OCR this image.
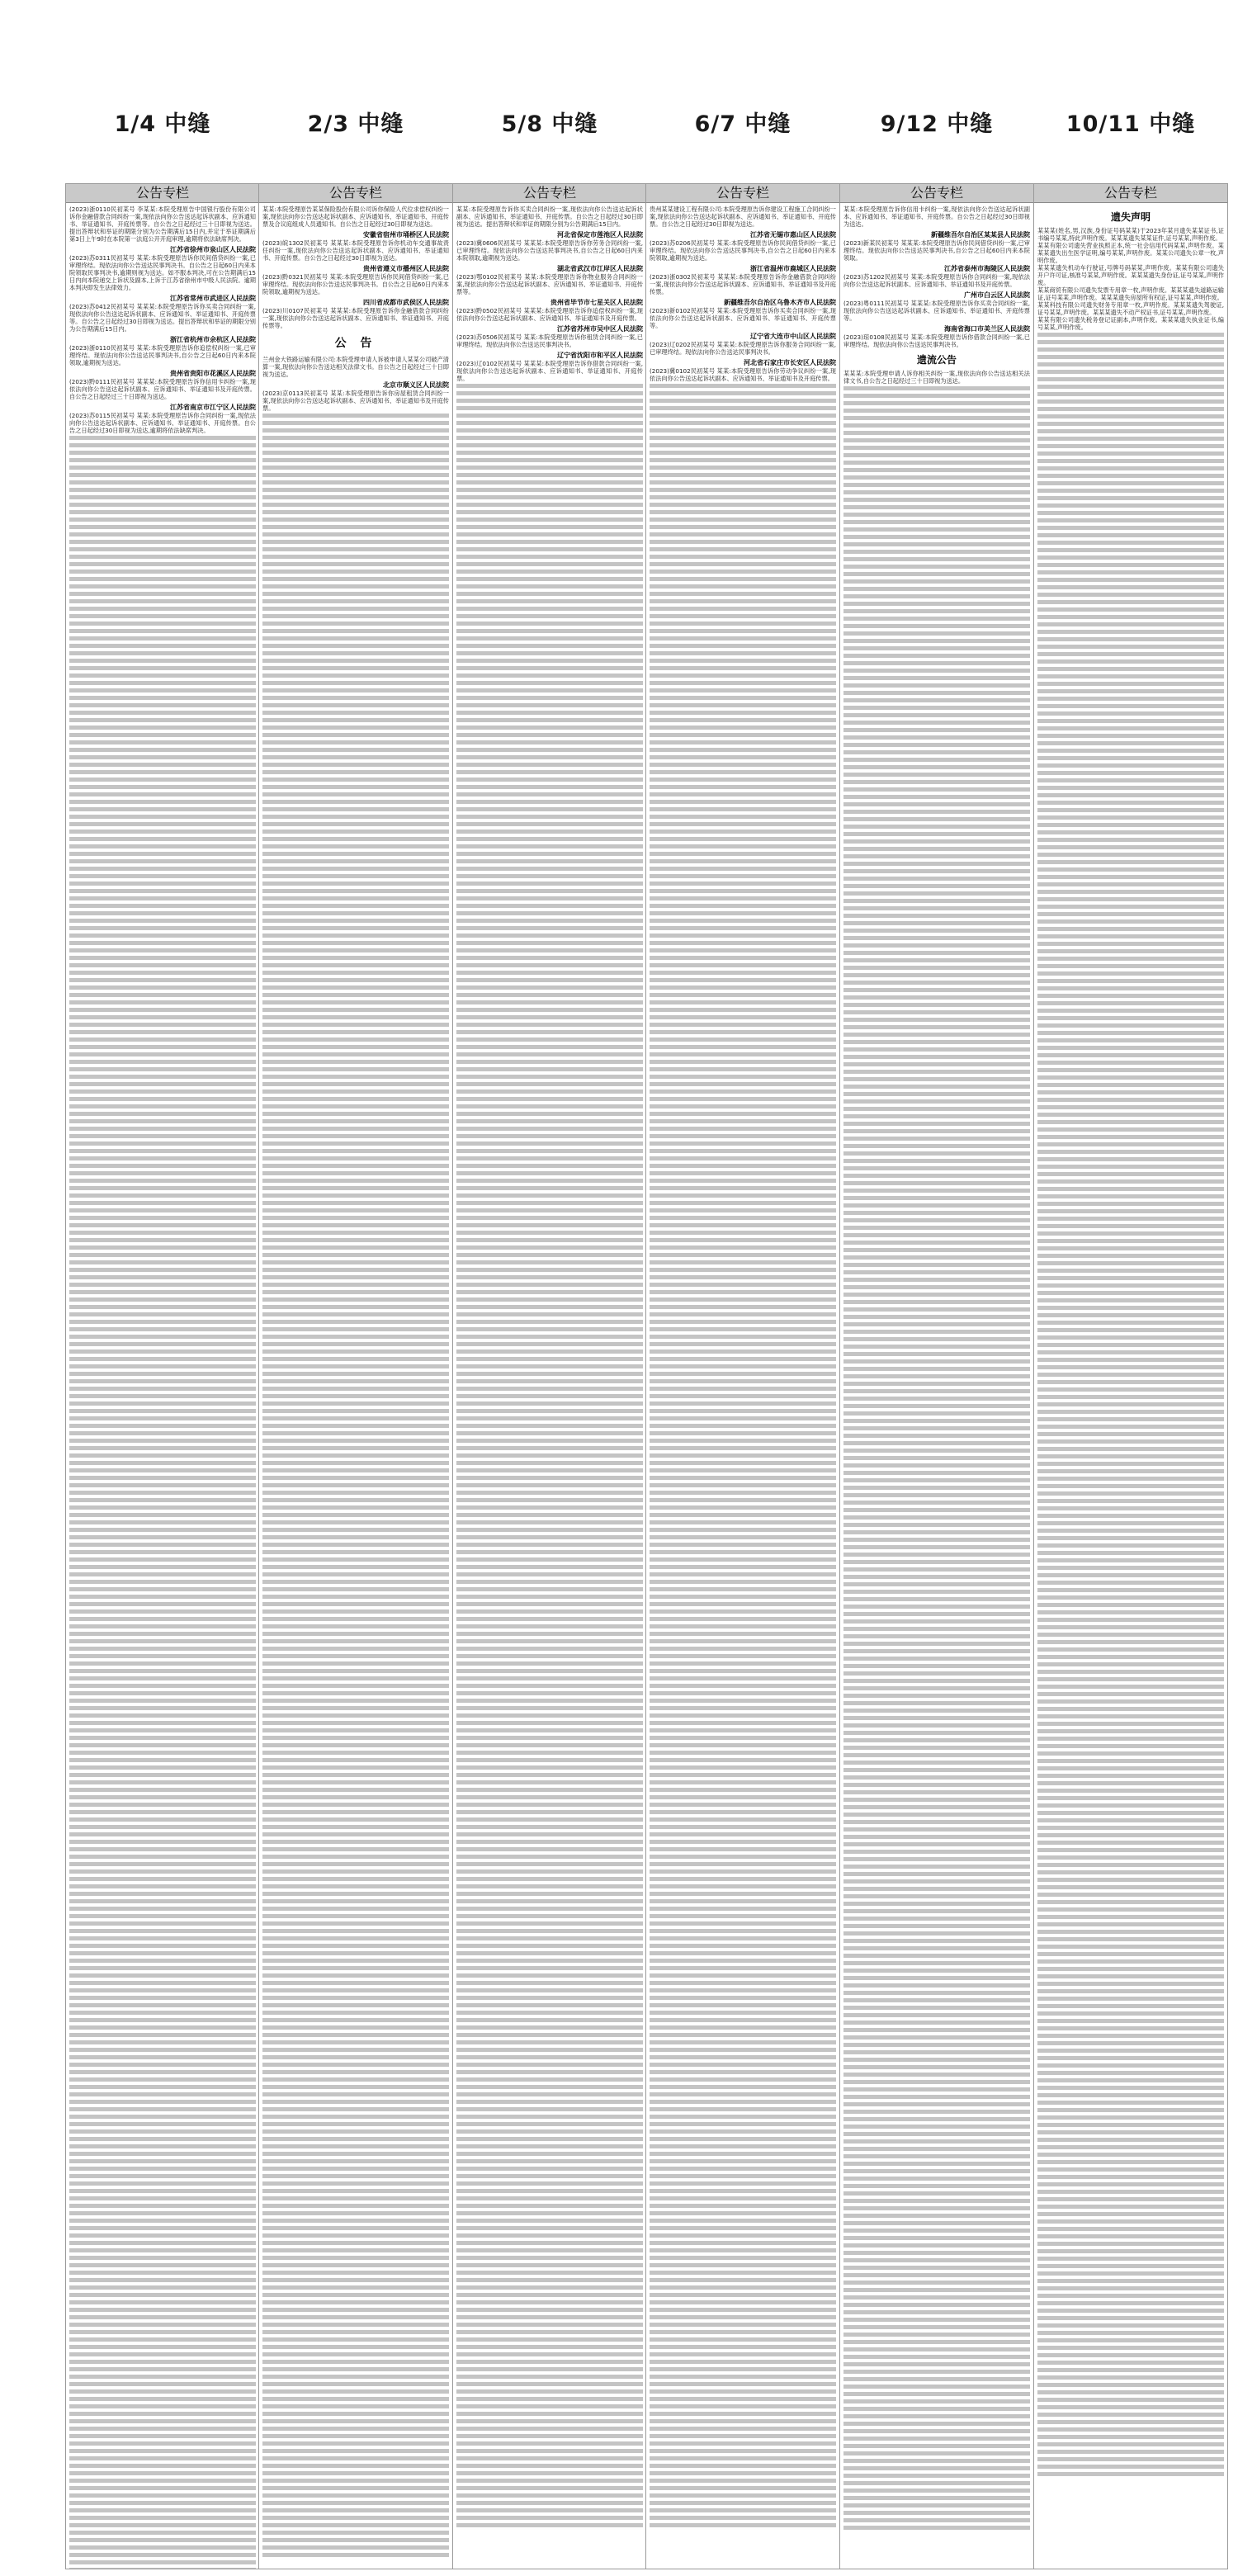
1/4 中缝
公告专栏
(2023)浙0110民初某号 李某某:本院受理原告中国银行股份有限公司诉你金融借款合同纠纷一案,现依法向你公告送达起诉状副本、应诉通知书、举证通知书、开庭传票等。自公告之日起经过三十日即视为送达。提出答辩状和举证的期限分别为公告期满后15日内,并定于举证期满后第3日上午9时在本院第一法庭公开开庭审理,逾期将依法缺席判决。
江苏省徐州市泉山区人民法院
(2023)苏0311民初某号 某某:本院受理原告诉你民间借贷纠纷一案,已审理终结。现依法向你公告送达民事判决书。自公告之日起60日内来本院领取民事判决书,逾期则视为送达。如不服本判决,可在公告期满后15日内向本院递交上诉状及副本,上诉于江苏省徐州市中级人民法院。逾期本判决即发生法律效力。
江苏省常州市武进区人民法院
(2023)苏0412民初某号 某某某:本院受理原告诉你买卖合同纠纷一案,现依法向你公告送达起诉状副本、应诉通知书、举证通知书、开庭传票等。自公告之日起经过30日即视为送达。提出答辩状和举证的期限分别为公告期满后15日内。
浙江省杭州市余杭区人民法院
(2023)浙0110民初某号 某某:本院受理原告诉你追偿权纠纷一案,已审理终结。现依法向你公告送达民事判决书,自公告之日起60日内来本院领取,逾期视为送达。
贵州省贵阳市花溪区人民法院
(2023)黔0111民初某号 某某某:本院受理原告诉你信用卡纠纷一案,现依法向你公告送达起诉状副本、应诉通知书、举证通知书及开庭传票。自公告之日起经过三十日即视为送达。
江苏省南京市江宁区人民法院
(2023)苏0115民初某号 某某:本院受理原告诉你合同纠纷一案,现依法向你公告送达起诉状副本、应诉通知书、举证通知书、开庭传票。自公告之日起经过30日即视为送达,逾期将依法缺席判决。
2/3 中缝
公告专栏
某某:本院受理原告某某保险股份有限公司诉你保险人代位求偿权纠纷一案,现依法向你公告送达起诉状副本、应诉通知书、举证通知书、开庭传票及合议庭组成人员通知书。自公告之日起经过30日即视为送达。
安徽省宿州市埇桥区人民法院
(2023)皖1302民初某号 某某某:本院受理原告诉你机动车交通事故责任纠纷一案,现依法向你公告送达起诉状副本、应诉通知书、举证通知书、开庭传票。自公告之日起经过30日即视为送达。
贵州省遵义市播州区人民法院
(2023)黔0321民初某号 某某:本院受理原告诉你民间借贷纠纷一案,已审理终结。现依法向你公告送达民事判决书。自公告之日起60日内来本院领取,逾期视为送达。
四川省成都市武侯区人民法院
(2023)川0107民初某号 某某某:本院受理原告诉你金融借款合同纠纷一案,现依法向你公告送达起诉状副本、应诉通知书、举证通知书、开庭传票等。
公 告
兰州金大铁路运输有限公司:本院受理申请人诉被申请人某某公司破产清算一案,现依法向你公告送达相关法律文书。自公告之日起经过三十日即视为送达。
北京市顺义区人民法院
(2023)京0113民初某号 某某:本院受理原告诉你房屋租赁合同纠纷一案,现依法向你公告送达起诉状副本、应诉通知书、举证通知书及开庭传票。
5/8 中缝
公告专栏
某某:本院受理原告诉你买卖合同纠纷一案,现依法向你公告送达起诉状副本、应诉通知书、举证通知书、开庭传票。自公告之日起经过30日即视为送达。提出答辩状和举证的期限分别为公告期满后15日内。
河北省保定市莲池区人民法院
(2023)冀0606民初某号 某某某:本院受理原告诉你劳务合同纠纷一案,已审理终结。现依法向你公告送达民事判决书,自公告之日起60日内来本院领取,逾期视为送达。
湖北省武汉市江岸区人民法院
(2023)鄂0102民初某号 某某:本院受理原告诉你物业服务合同纠纷一案,现依法向你公告送达起诉状副本、应诉通知书、举证通知书、开庭传票等。
贵州省毕节市七星关区人民法院
(2023)黔0502民初某号 某某某:本院受理原告诉你追偿权纠纷一案,现依法向你公告送达起诉状副本、应诉通知书、举证通知书及开庭传票。
江苏省苏州市吴中区人民法院
(2023)苏0506民初某号 某某:本院受理原告诉你租赁合同纠纷一案,已审理终结。现依法向你公告送达民事判决书。
辽宁省沈阳市和平区人民法院
(2023)辽0102民初某号 某某某:本院受理原告诉你借款合同纠纷一案,现依法向你公告送达起诉状副本、应诉通知书、举证通知书、开庭传票。
6/7 中缝
公告专栏
贵州某某建设工程有限公司:本院受理原告诉你建设工程施工合同纠纷一案,现依法向你公告送达起诉状副本、应诉通知书、举证通知书、开庭传票。自公告之日起经过30日即视为送达。
江苏省无锡市惠山区人民法院
(2023)苏0206民初某号 某某:本院受理原告诉你民间借贷纠纷一案,已审理终结。现依法向你公告送达民事判决书,自公告之日起60日内来本院领取,逾期视为送达。
浙江省温州市鹿城区人民法院
(2023)浙0302民初某号 某某某:本院受理原告诉你金融借款合同纠纷一案,现依法向你公告送达起诉状副本、应诉通知书、举证通知书及开庭传票。
新疆维吾尔自治区乌鲁木齐市人民法院
(2023)新0102民初某号 某某:本院受理原告诉你买卖合同纠纷一案,现依法向你公告送达起诉状副本、应诉通知书、举证通知书、开庭传票等。
辽宁省大连市中山区人民法院
(2023)辽0202民初某号 某某某:本院受理原告诉你服务合同纠纷一案,已审理终结。现依法向你公告送达民事判决书。
河北省石家庄市长安区人民法院
(2023)冀0102民初某号 某某:本院受理原告诉你劳动争议纠纷一案,现依法向你公告送达起诉状副本、应诉通知书、举证通知书及开庭传票。
9/12 中缝
公告专栏
某某:本院受理原告诉你信用卡纠纷一案,现依法向你公告送达起诉状副本、应诉通知书、举证通知书、开庭传票。自公告之日起经过30日即视为送达。
新疆维吾尔自治区某某县人民法院
(2023)新某民初某号 某某某:本院受理原告诉你民间借贷纠纷一案,已审理终结。现依法向你公告送达民事判决书,自公告之日起60日内来本院领取。
江苏省泰州市海陵区人民法院
(2023)苏1202民初某号 某某:本院受理原告诉你合同纠纷一案,现依法向你公告送达起诉状副本、应诉通知书、举证通知书及开庭传票。
广州市白云区人民法院
(2023)粤0111民初某号 某某某:本院受理原告诉你买卖合同纠纷一案,现依法向你公告送达起诉状副本、应诉通知书、举证通知书、开庭传票等。
海南省海口市美兰区人民法院
(2023)琼0108民初某号 某某:本院受理原告诉你借款合同纠纷一案,已审理终结。现依法向你公告送达民事判决书。
遗流公告
某某某:本院受理申请人诉你相关纠纷一案,现依法向你公告送达相关法律文书,自公告之日起经过三十日即视为送达。
10/11 中缝
公告专栏
遗失声明
某某某(姓名,男,汉族,身份证号码某某)于2023年某月遗失某某证书,证书编号某某,特此声明作废。某某某遗失某某证件,证号某某,声明作废。
某某有限公司遗失营业执照正本,统一社会信用代码某某,声明作废。某某某遗失出生医学证明,编号某某,声明作废。某某公司遗失公章一枚,声明作废。
某某某遗失机动车行驶证,号牌号码某某,声明作废。某某有限公司遗失开户许可证,核准号某某,声明作废。某某某遗失身份证,证号某某,声明作废。
某某商贸有限公司遗失发票专用章一枚,声明作废。某某某遗失道路运输证,证号某某,声明作废。某某某遗失房屋所有权证,证号某某,声明作废。
某某科技有限公司遗失财务专用章一枚,声明作废。某某某遗失驾驶证,证号某某,声明作废。某某某遗失不动产权证书,证号某某,声明作废。
某某有限公司遗失税务登记证副本,声明作废。某某某遗失执业证书,编号某某,声明作废。
